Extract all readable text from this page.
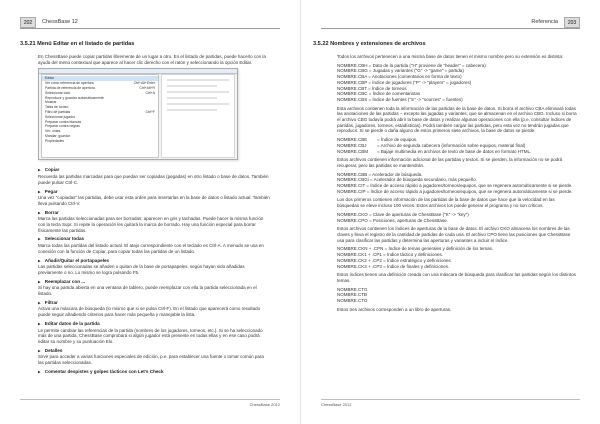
202	ChessBase 12
3.5.21 Menü Editar en el listado de partidas

En ChessBase puede copiar partidas libremente de un lugar a otro. En el listado de partidas, puede hacerlo con la ayuda del menú contextual que aparece al hacer clic derecho con el ratón y seleccionando la opción Editar.

Editar
Ver cómo referencia de apertura	Ctrl+Alt+Enter
Partida de referencia de apertura	Ctrl+Alt+R
Seleccionar todo	Ctrl+A
Reproducir y guardar automáticamente
Mostrar
Tabla de torneo
Filtro de partidas	Ctrl+F
Seleccionar jugador
Preparar contra blancas
Preparar contra negras
Ver: notas
Mandar: guardar
Propiedades
▶ Copiar

Recuerda las partidas marcadas para que puedan ser copiadas (pegadas) en otro listado o base de datos. También puede pulsar Ctrl-C.

▶ Pegar

Una vez "copiadas" las partidas, debe usar esta orden para insertarlas en la base de datos o listado actual. También lleva pulsando Ctrl-V.

▶ Borrar

Marca las partidas seleccionadas para ser borradas; aparecen en gris y tachadas. Puede hacer la misma función con la tecla Supr. Si repite la operación les quitará la marca de borrado. Hay una función especial para borrar físicamente las partidas.

▶ Seleccionar todas

Marca todas las partidas del listado actual. El atajo correspondiente con el teclado es Ctrl-A. A menudo se usa en conexión con la función de Copiar, para copiar todas las partidas de un listado.

▶ Añadir/Quitar el portapapeles

Las partidas seleccionadas se añaden o quitan de la base de portapapeles, según hayan sido añadidas previamente o no. Lo mismo se logra pulsando F5.

▶ Reemplazar con ...

Si hay una partida abierta en una ventana de tablero, puede reemplazar con ella la partida seleccionada en el listado.

▶ Filtrar

Activa una máscara de búsqueda (lo mismo que si se pulsa Ctrl-F). En el listado que aparecerá como resultado puede seguir añadiendo criterios para hacer más pequeña y manejable la lista.

▶ Editar datos de la partida

Le permite cambiar las referencias de la partida (nombres de los jugadores, torneos, etc.). Si se ha seleccionado más de una partida, ChessBase comprobará si algún jugador está presente en todas ellas y en ese caso podrá editar su nombre y su puntuación Elo.

▶ Detalles

Sirve para acceder a varias funciones especiales de edición, p.e. para establecer una fuente o tomar común para las partidas seleccionadas.

▶ Comentar despistes y golpes tácticos con Let's Check
ChessBase 2012
Referencia	203
3.5.22 Nombres y extensiones de archivos

Todos los archivos pertenecen a una misma base de datos tienen el mismo nombre pero su extensión es distinta:

NOMBRE.CBH = Dato de la partida ("H" proviene de "header" = cabecera)
NOMBRE.CBG = Jugadas y variantes ("G" -> "game" = partida)
NOMBRE.CBA = Anotaciones (comentarios en forma de texto)
NOMBRE.CBP = Índice de jugadores ("P" -> "players" = jugadores)
NOMBRE.CBT = Índice de torneos
NOMBRE.CBC = Índice de comentaristas
NOMBRE.CBS = Índice de fuentes ("S" -> "sources" = fuentes)

Esta archivos contienen toda la información de las partidas de la base de datos. Si borra el archivo CBA eliminará todas las anotaciones de las partidas – excepto las jugadas y variantes, que se almacenan en el archivo CBG. Incluso si borra el archivo CBG todavía podrá abrir la base de datos y realizar algunas operaciones con ella (p.e. consultar índices de partidas, jugadores, torneos, estadísticas). Podrá también cargar las partidas, pero esta vez no tendrán jugadas que reproducir. Si se pierde o daña alguno de estos primeros siete archivos, la base de datos se pierde.

NOMBRE.CBE = Índice de equipos.
NOMBRE.CBJ = Archivo de segunda cabecera (información sobre equipos, material final)
NOMBRE.CBM = Bajaje multimedia en archivos de texto de base de datos en formato HTML.

Estos archivos contienen información adicional de las partidas y textos. Si se pierden, la información no se podrá recuperar, pero las partidas se mantendrán.

NOMBRE.CBB = Acelerador de búsqueda.
NOMBRE.CBGi = Acelerador de búsqueda secundario, más pequeño.
NOMBRE.CIT = Índice de acceso rápido a jugadores/torneos/equipos, que se regenera automáticamente si se pierde.
NOMBRE.CIP = Índice de acceso rápido a jugadores/torneos/equipos, que se regenera automáticamente si se pierde.

Los dos primeros contienen información de las partidas de la base de datos que hace que la velocidad en las búsquedas se eleve incluso 100 veces. Estos archivos los puede generar el programa y no son críticos.

NOMBRE.CKO = Clave de aperturas de ChessBase ("K" -> "key")
NOMBRE.CPO = Posiciones, aperturas de ChessBase.

Estos archivos contienen los índices de aperturas de la base de datos. El archivo CKO almacena los nombres de las claves y lleva el registro de la cantidad de partidas de cada una. El archivo CPO tiene las posiciones que ChessBase usa para clasificar las partidas y determina las aperturas y variantes a incluir el índice.

NOMBRE.CKN + .CPN = Índice de temas generales y definición de los temas.
NOMBRE.CK1 + .CP1 = Índice táctico y definiciones.
NOMBRE.CK2 + .CP2 = Índice estratégico y definiciones.
NOMBRE.CK3 + .CP3 = Índice de finales y definiciones.

Estos índices tienen una definición creada con una máscara de búsqueda para clasificar las partidas según los distintos temas.

NOMBRE.CTG
NOMBRE.CTB
NOMBRE.CTO

Estos tres archivos corresponden a un libro de aperturas.

ChessBase 2012
